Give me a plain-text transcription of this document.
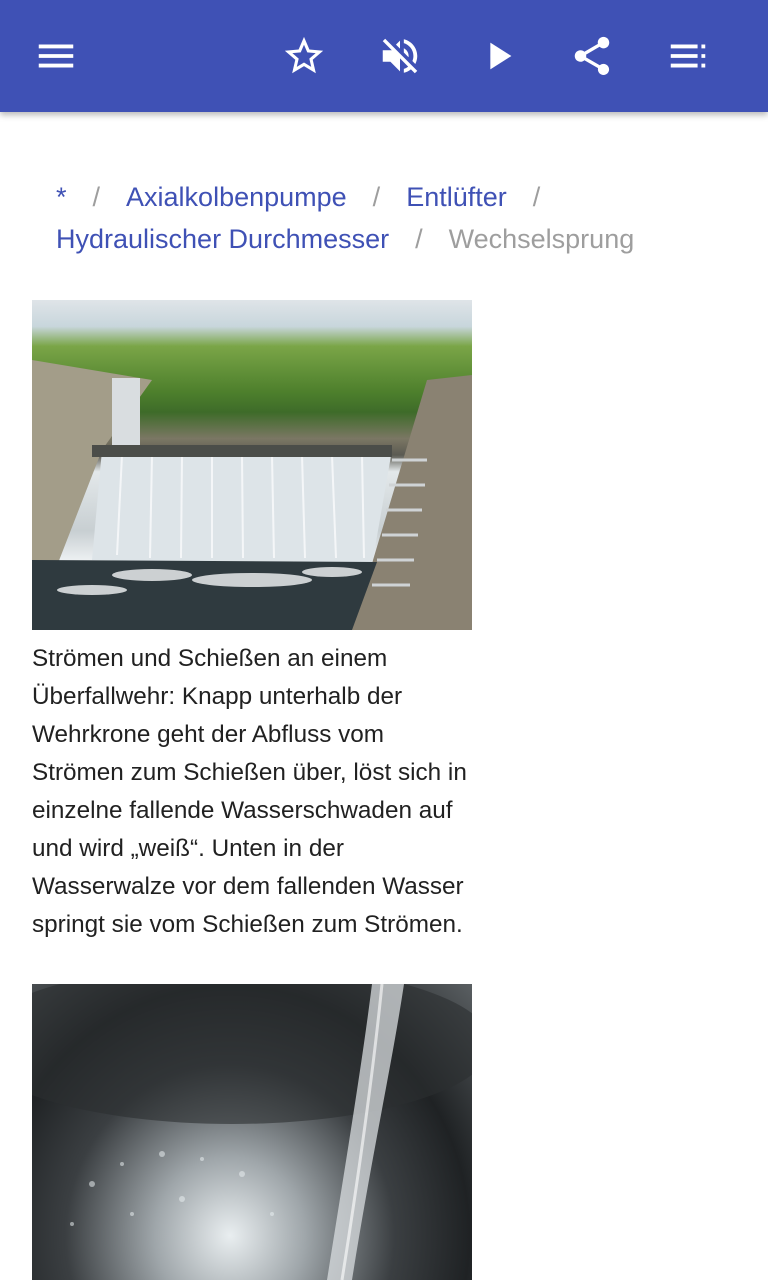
* / Axialkolbenpumpe / Entlüfter /
Hydraulischer Durchmesser / Wechselsprung
Strömen und Schießen an einem Überfallwehr: Knapp unterhalb der Wehrkrone geht der Abfluss vom Strömen zum Schießen über, löst sich in einzelne fallende Wasserschwaden auf und wird „weiß“. Unten in der Wasserwalze vor dem fallenden Wasser springt sie vom Schießen zum Strömen.
